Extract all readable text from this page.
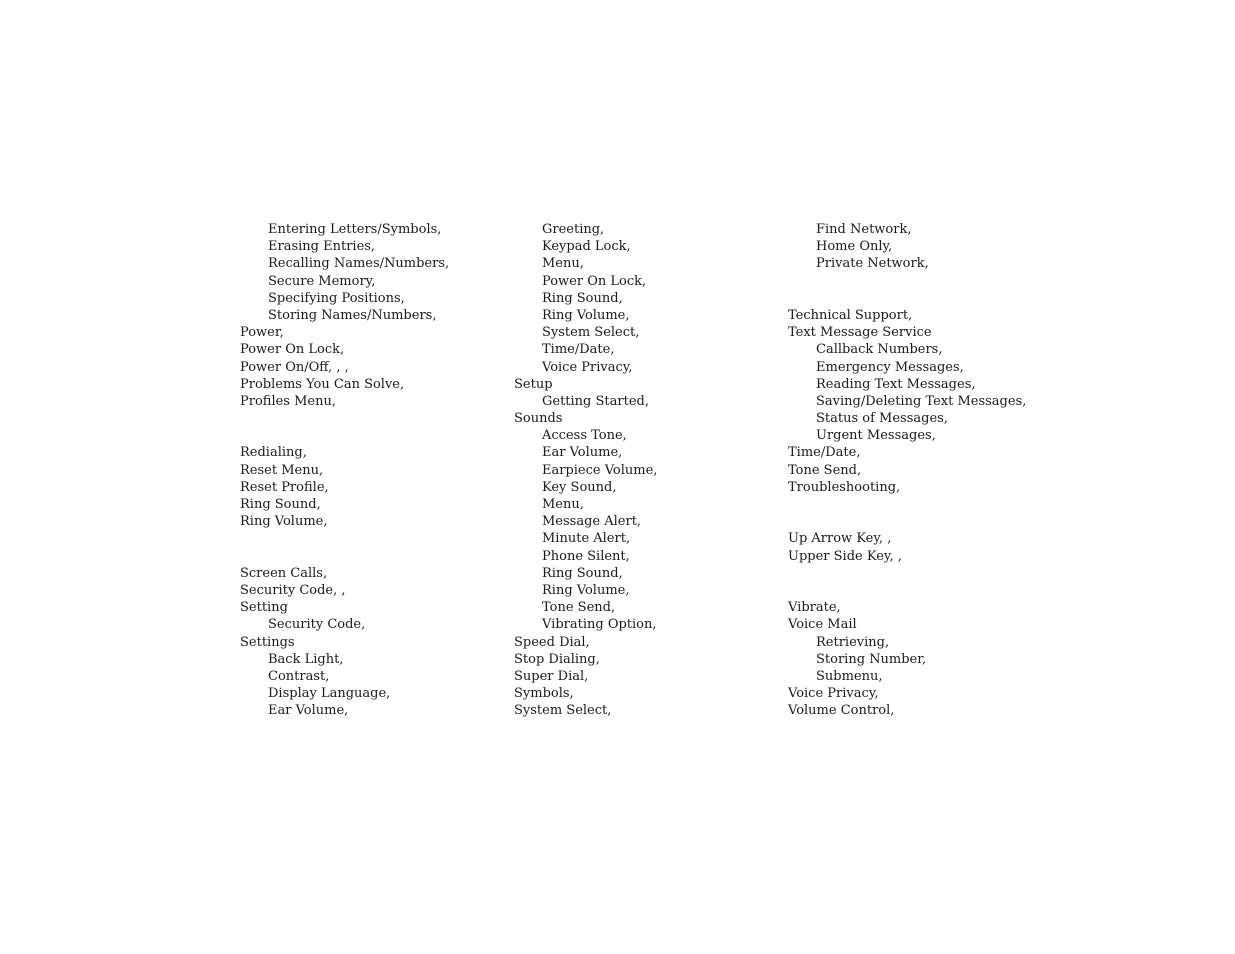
Entering Letters/Symbols,
Erasing Entries,
Recalling Names/Numbers,
Secure Memory,
Specifying Positions,
Storing Names/Numbers,
Power,
Power On Lock,
Power On/Off, , ,
Problems You Can Solve,
Profiles Menu,
Redialing,
Reset Menu,
Reset Profile,
Ring Sound,
Ring Volume,
Screen Calls,
Security Code, ,
Setting
Security Code,
Settings
Back Light,
Contrast,
Display Language,
Ear Volume,
Greeting,
Keypad Lock,
Menu,
Power On Lock,
Ring Sound,
Ring Volume,
System Select,
Time/Date,
Voice Privacy,
Setup
Getting Started,
Sounds
Access Tone,
Ear Volume,
Earpiece Volume,
Key Sound,
Menu,
Message Alert,
Minute Alert,
Phone Silent,
Ring Sound,
Ring Volume,
Tone Send,
Vibrating Option,
Speed Dial,
Stop Dialing,
Super Dial,
Symbols,
System Select,
Find Network,
Home Only,
Private Network,
Technical Support,
Text Message Service
Callback Numbers,
Emergency Messages,
Reading Text Messages,
Saving/Deleting Text Messages,
Status of Messages,
Urgent Messages,
Time/Date,
Tone Send,
Troubleshooting,
Up Arrow Key, ,
Upper Side Key, ,
Vibrate,
Voice Mail
Retrieving,
Storing Number,
Submenu,
Voice Privacy,
Volume Control,
